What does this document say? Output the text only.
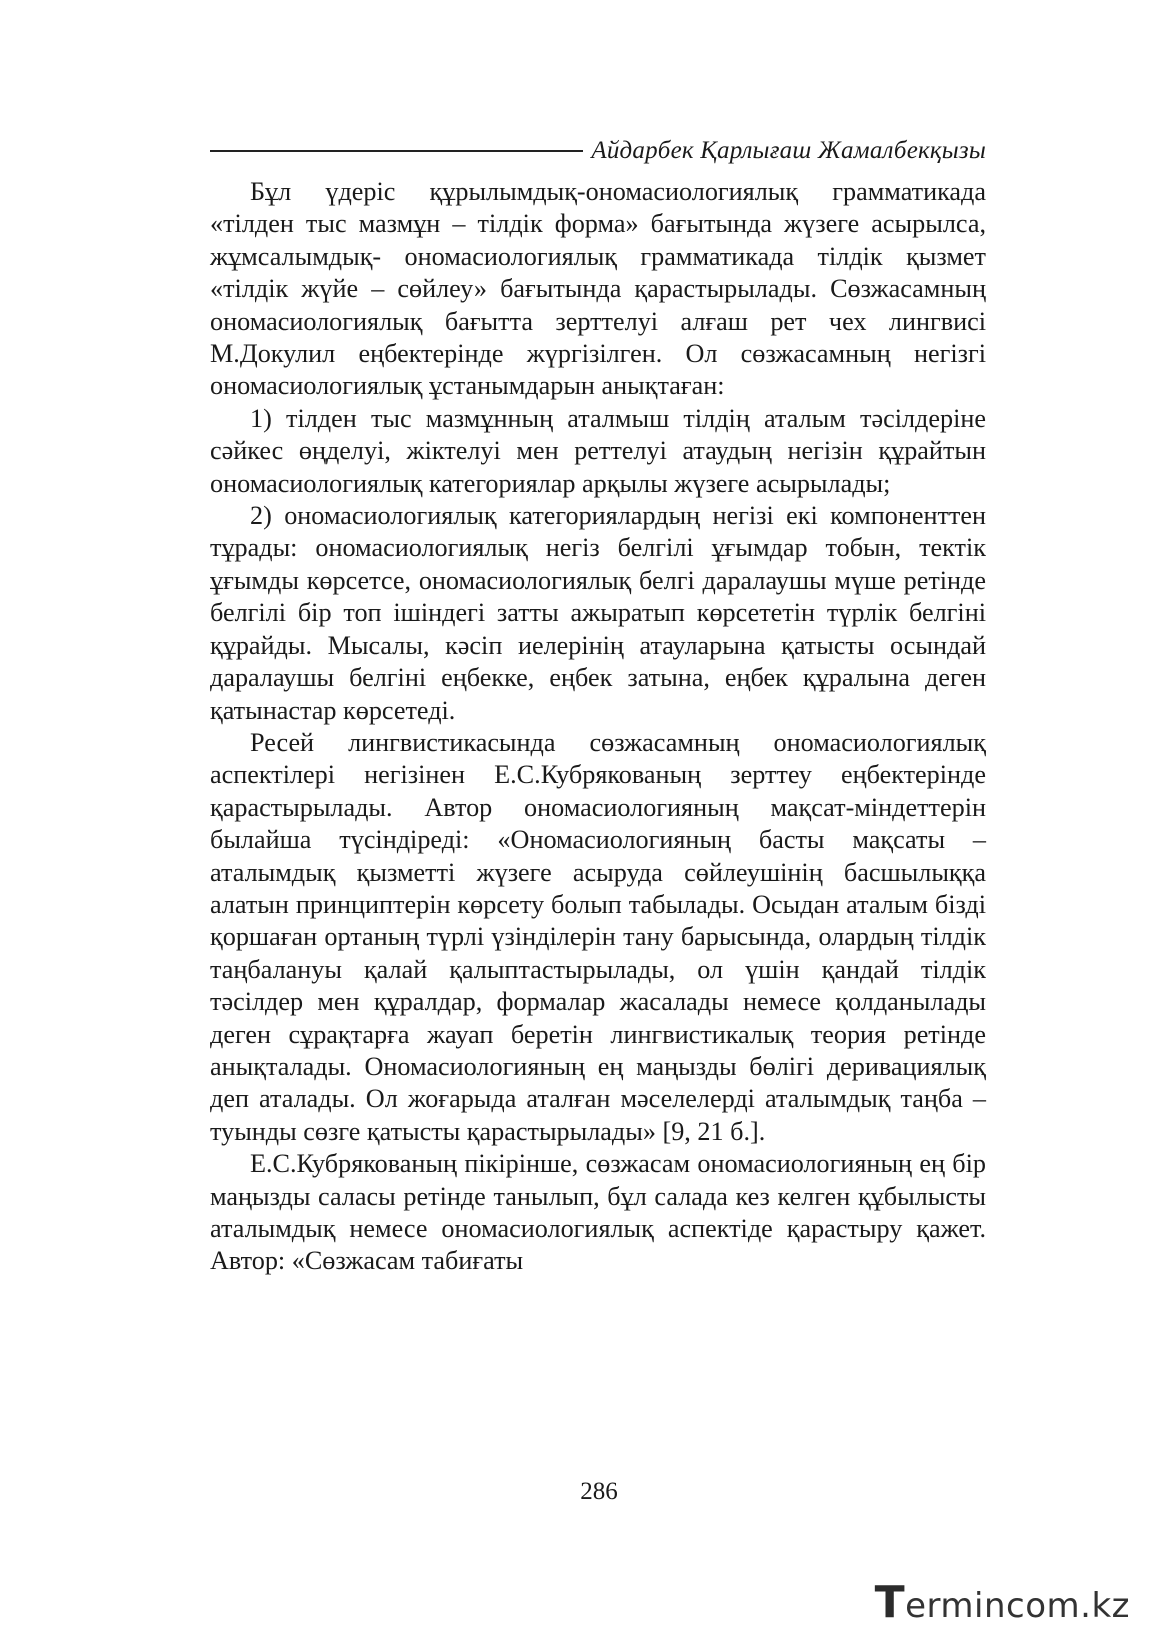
Айдарбек Қарлығаш Жамалбекқызы

Бұл үдеріс құрылымдық-ономасиологиялық грамматикада «тілден тыс мазмұн – тілдік форма» бағытында жүзеге асырылса, жұмсалымдық- ономасиологиялық грамматикада тілдік қызмет «тілдік жүйе – сөйлеу» бағытында қарастырылады. Сөзжасамның ономасиологиялық бағытта зерттелуі алғаш рет чех лингвисі М.Докулил еңбектерінде жүргізілген. Ол сөзжасамның негізгі ономасиологиялық ұстанымдарын анықтаған:

1) тілден тыс мазмұнның аталмыш тілдің аталым тәсілдеріне сәйкес өңделуі, жіктелуі мен реттелуі атаудың негізін құрайтын ономасиологиялық категориялар арқылы жүзеге асырылады;

2) ономасиологиялық категориялардың негізі екі компоненттен тұрады: ономасиологиялық негіз белгілі ұғымдар тобын, тектік ұғымды көрсетсе, ономасиологиялық белгі даралаушы мүше ретінде белгілі бір топ ішіндегі затты ажыратып көрсететін түрлік белгіні құрайды. Мысалы, кәсіп иелерінің атауларына қатысты осындай даралаушы белгіні еңбекке, еңбек затына, еңбек құралына деген қатынастар көрсетеді.

Ресей лингвистикасында сөзжасамның ономасиологиялық аспектілері негізінен Е.С.Кубрякованың зерттеу еңбектерінде қарастырылады. Автор ономасиологияның мақсат-міндеттерін былайша түсіндіреді: «Ономасиологияның басты мақсаты – аталымдық қызметті жүзеге асыруда сөйлеушінің басшылыққа алатын принциптерін көрсету болып табылады. Осыдан аталым бізді қоршаған ортаның түрлі үзінділерін тану барысында, олардың тілдік таңбалануы қалай қалыптастырылады, ол үшін қандай тілдік тәсілдер мен құралдар, формалар жасалады немесе қолданылады деген сұрақтарға жауап беретін лингвистикалық теория ретінде анықталады. Ономасиологияның ең маңызды бөлігі деривациялық деп аталады. Ол жоғарыда аталған мәселелерді аталымдық таңба – туынды сөзге қатысты қарастырылады» [9, 21 б.].

Е.С.Кубрякованың пікірінше, сөзжасам ономасиологияның ең бір маңызды саласы ретінде танылып, бұл салада кез келген құбылысты аталымдық немесе ономасиологиялық аспектіде қарастыру қажет. Автор: «Сөзжасам табиғаты

286
T ermincom.kz
